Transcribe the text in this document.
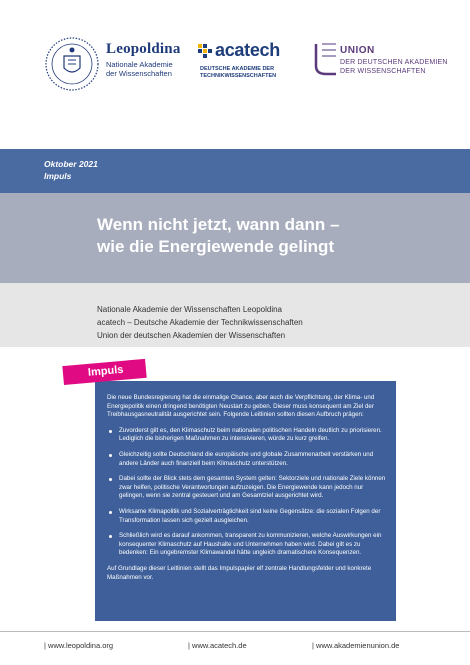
Leopoldina
Nationale Akademie
der Wissenschaften
acatech
DEUTSCHE AKADEMIE DER
TECHNIKWISSENSCHAFTEN
UNION
DER DEUTSCHEN AKADEMIEN
DER WISSENSCHAFTEN
Oktober 2021
Impuls
Wenn nicht jetzt, wann dann –
wie die Energiewende gelingt
Nationale Akademie der Wissenschaften Leopoldina
acatech – Deutsche Akademie der Technikwissenschaften
Union der deutschen Akademien der Wissenschaften

Die neue Bundesregierung hat die einmalige Chance, aber auch die Verpflichtung, der Klima- und Energiepolitik einen dringend benötigten Neustart zu geben. Dieser muss konsequent am Ziel der Treibhausgasneutralität ausgerichtet sein. Folgende Leitlinien sollten diesen Aufbruch prägen:

Zuvorderst gilt es, den Klimaschutz beim nationalen politischen Handeln deutlich zu priorisieren. Lediglich die bisherigen Maßnahmen zu intensivieren, würde zu kurz greifen.
Gleichzeitig sollte Deutschland die europäische und globale Zusammenarbeit verstärken und andere Länder auch finanziell beim Klimaschutz unterstützen.
Dabei sollte der Blick stets dem gesamten System gelten: Sektorziele und nationale Ziele können zwar helfen, politische Verantwortungen aufzuzeigen. Die Energiewende kann jedoch nur gelingen, wenn sie zentral gesteuert und am Gesamtziel ausgerichtet wird.
Wirksame Klimapolitik und Sozialverträglichkeit sind keine Gegensätze: die sozialen Folgen der Transformation lassen sich gezielt ausgleichen.
Schließlich wird es darauf ankommen, transparent zu kommunizieren, welche Auswirkungen ein konsequenter Klimaschutz auf Haushalte und Unternehmen haben wird. Dabei gilt es zu bedenken: Ein ungebremster Klimawandel hätte ungleich dramatischere Konsequenzen.

Auf Grundlage dieser Leitlinien stellt das Impulspapier elf zentrale Handlungsfelder und konkrete Maßnahmen vor.

Impuls
| www.leopoldina.org	| www.acatech.de	| www.akademienunion.de
